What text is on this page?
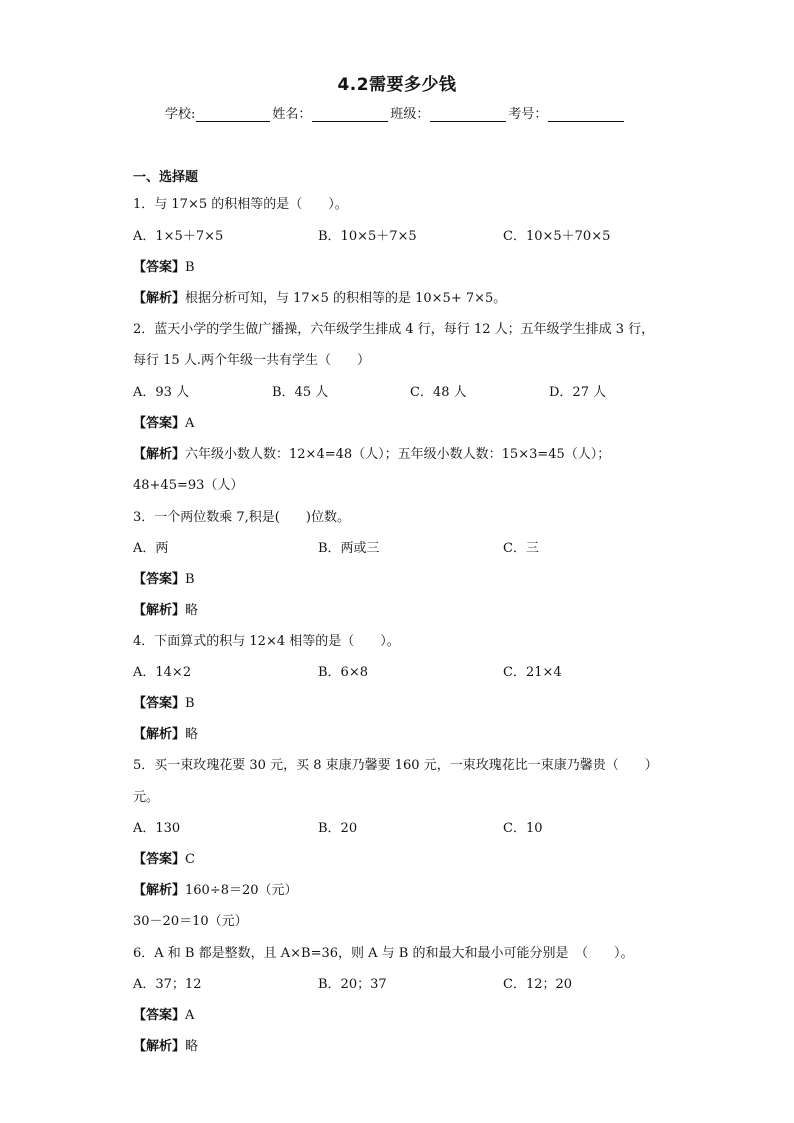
4.2需要多少钱
学校:	姓名：	班级：	考号：
一、选择题
1．与 17×5 的积相等的是（　　）。
A．1×5＋7×5	B．10×5＋7×5	C．10×5＋70×5
【答案】B
【解析】根据分析可知，与 17×5 的积相等的是 10×5+ 7×5。
2．蓝天小学的学生做广播操，六年级学生排成 4 行，每行 12 人；五年级学生排成 3 行，
每行 15 人.两个年级一共有学生（　　）
A．93 人	B．45 人	C．48 人	D．27 人
【答案】A
【解析】六年级小数人数：12×4=48（人）；五年级小数人数：15×3=45（人）；
48+45=93（人）
3．一个两位数乘 7,积是(　　)位数。
A．两	B．两或三	C．三
【答案】B
【解析】略
4．下面算式的积与 12×4 相等的是（　　）。
A．14×2	B．6×8	C．21×4
【答案】B
【解析】略
5．买一束玫瑰花要 30 元，买 8 束康乃馨要 160 元，一束玫瑰花比一束康乃馨贵（　　）
元。
A．130	B．20	C．10
【答案】C
【解析】160÷8＝20（元）
30－20＝10（元）
6．A 和 B 都是整数，且 A×B=36，则 A 与 B 的和最大和最小可能分别是　（　　）。
A．37；12	B．20；37	C．12；20
【答案】A
【解析】略
